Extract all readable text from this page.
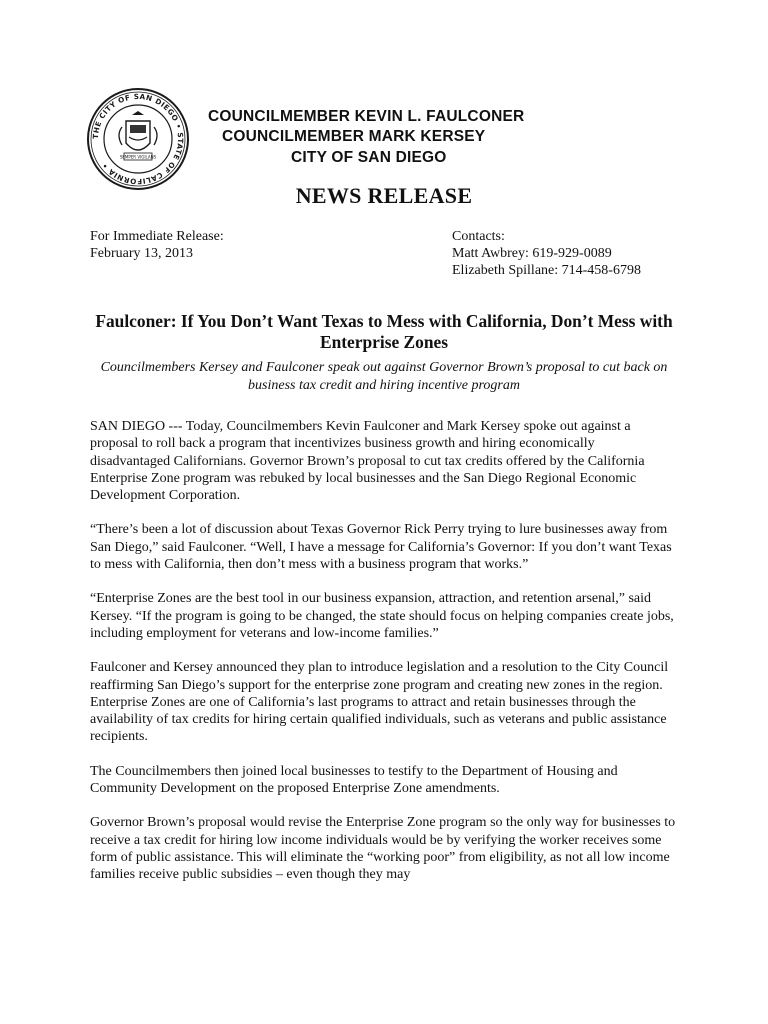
THE CITY OF SAN DIEGO • STATE OF CALIFORNIA •
SEMPER VIGILANS
COUNCILMEMBER KEVIN L. FAULCONER
COUNCILMEMBER MARK KERSEY
CITY OF SAN DIEGO
NEWS RELEASE
For Immediate Release:
February 13, 2013
Contacts:
Matt Awbrey: 619-929-0089
Elizabeth Spillane: 714-458-6798
Faulconer: If You Don’t Want Texas to Mess with California, Don’t Mess with Enterprise Zones
Councilmembers Kersey and Faulconer speak out against Governor Brown’s proposal to cut back on business tax credit and hiring incentive program

SAN DIEGO --- Today, Councilmembers Kevin Faulconer and Mark Kersey spoke out against a proposal to roll back a program that incentivizes business growth and hiring economically disadvantaged Californians. Governor Brown’s proposal to cut tax credits offered by the California Enterprise Zone program was rebuked by local businesses and the San Diego Regional Economic Development Corporation.

“There’s been a lot of discussion about Texas Governor Rick Perry trying to lure businesses away from San Diego,” said Faulconer. “Well, I have a message for California’s Governor: If you don’t want Texas to mess with California, then don’t mess with a business program that works.”

“Enterprise Zones are the best tool in our business expansion, attraction, and retention arsenal,” said Kersey. “If the program is going to be changed, the state should focus on helping companies create jobs, including employment for veterans and low-income families.”

Faulconer and Kersey announced they plan to introduce legislation and a resolution to the City Council reaffirming San Diego’s support for the enterprise zone program and creating new zones in the region. Enterprise Zones are one of California’s last programs to attract and retain businesses through the availability of tax credits for hiring certain qualified individuals, such as veterans and public assistance recipients.

The Councilmembers then joined local businesses to testify to the Department of Housing and Community Development on the proposed Enterprise Zone amendments.

Governor Brown’s proposal would revise the Enterprise Zone program so the only way for businesses to receive a tax credit for hiring low income individuals would be by verifying the worker receives some form of public assistance. This will eliminate the “working poor” from eligibility, as not all low income families receive public subsidies – even though they may
